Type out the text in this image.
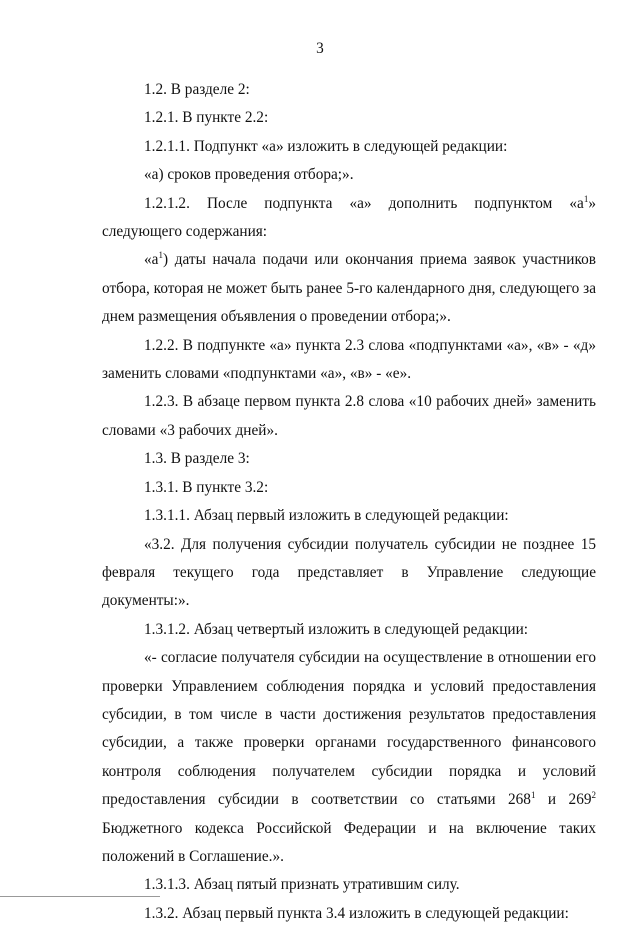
3

1.2. В разделе 2:

1.2.1. В пункте 2.2:

1.2.1.1. Подпункт «а» изложить в следующей редакции:

«а) сроков проведения отбора;».

1.2.1.2. После подпункта «а» дополнить подпунктом «$а^1$» следующего содержания:

«$а^1$) даты начала подачи или окончания приема заявок участников отбора, которая не может быть ранее 5-го календарного дня, следующего за днем размещения объявления о проведении отбора;».

1.2.2. В подпункте «а» пункта 2.3 слова «подпунктами «а», «в» - «д» заменить словами «подпунктами «а», «в» - «е».

1.2.3. В абзаце первом пункта 2.8 слова «10 рабочих дней» заменить словами «3 рабочих дней».

1.3. В разделе 3:

1.3.1. В пункте 3.2:

1.3.1.1. Абзац первый изложить в следующей редакции:

«3.2. Для получения субсидии получатель субсидии не позднее 15 февраля текущего года представляет в Управление следующие документы:».

1.3.1.2. Абзац четвертый изложить в следующей редакции:

«- согласие получателя субсидии на осуществление в отношении его проверки Управлением соблюдения порядка и условий предоставления субсидии, в том числе в части достижения результатов предоставления субсидии, а также проверки органами государственного финансового контроля соблюдения получателем субсидии порядка и условий предоставления субсидии в соответствии со статьями $268^1$ и $269^2$ Бюджетного кодекса Российской Федерации и на включение таких положений в Соглашение.».

1.3.1.3. Абзац пятый признать утратившим силу.

1.3.2. Абзац первый пункта 3.4 изложить в следующей редакции:
